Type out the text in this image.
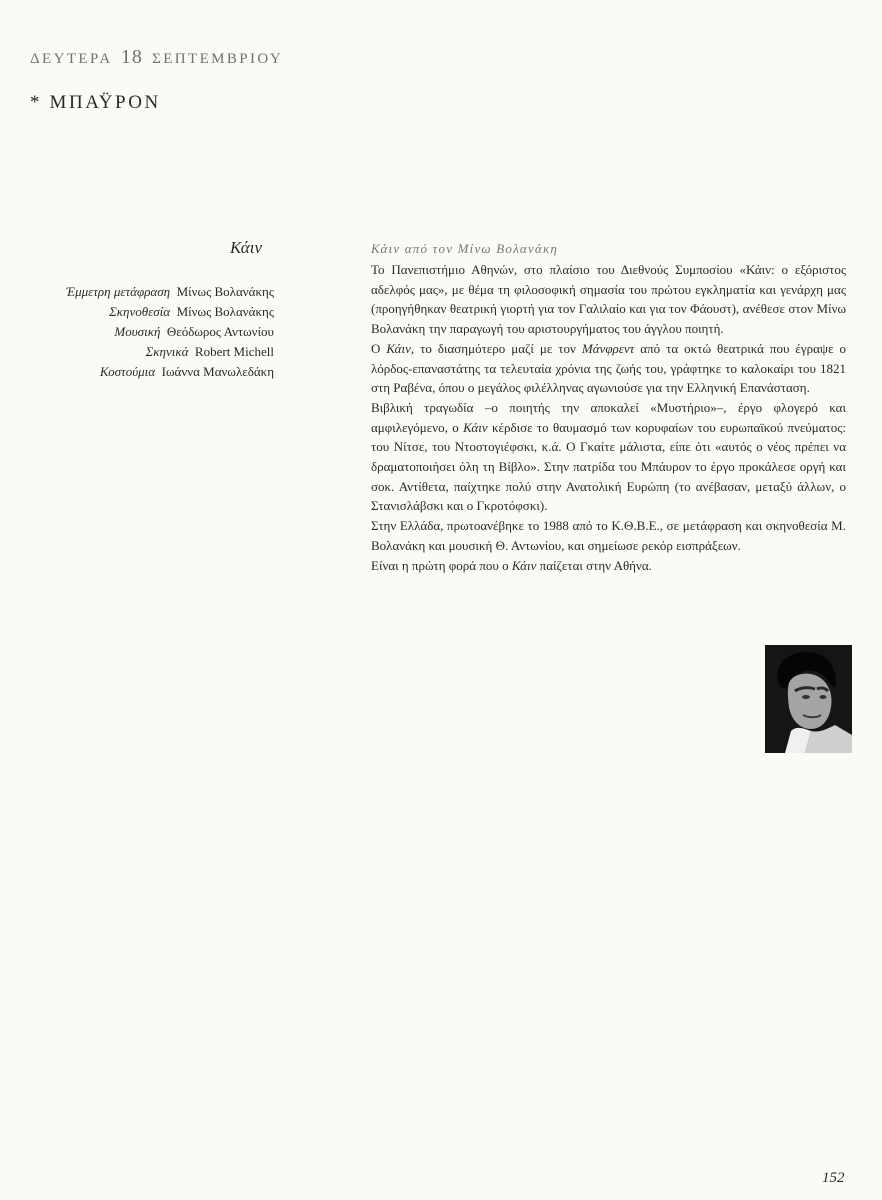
ΔΕΥΤΕΡΑ 18 ΣΕΠΤΕΜΒΡΙΟΥ
* ΜΠΑΫΡΟΝ
Κάιν
Έμμετρη μετάφραση Μίνως Βολανάκης
Σκηνοθεσία Μίνως Βολανάκης
Μουσική Θεόδωρος Αντωνίου
Σκηνικά Robert Michell
Κοστούμια Ιωάννα Μανωλεδάκη
Κάιν από τον Μίνω Βολανάκη

Το Πανεπιστήμιο Αθηνών, στο πλαίσιο του Διεθνούς Συμποσίου «Κάιν: ο εξόριστος αδελφός μας», με θέμα τη φιλοσοφική σημασία του πρώτου εγκληματία και γενάρχη μας (προηγήθηκαν θεατρική γιορτή για τον Γαλιλαίο και για τον Φάουστ), ανέθεσε στον Μίνω Βολανάκη την παραγωγή του αριστουργήματος του άγγλου ποιητή.

Ο Κάιν, το διασημότερο μαζί με τον Μάνφρεντ από τα οκτώ θεατρικά που έγραψε ο λόρδος-επαναστάτης τα τελευταία χρόνια της ζωής του, γράφτηκε το καλοκαίρι του 1821 στη Ραβένα, όπου ο μεγάλος φιλέλληνας αγωνιούσε για την Ελληνική Επανάσταση.

Βιβλική τραγωδία –ο ποιητής την αποκαλεί «Μυστήριο»–, έργο φλογερό και αμφιλεγόμενο, ο Κάιν κέρδισε το θαυμασμό των κορυφαίων του ευρωπαϊκού πνεύματος: του Νίτσε, του Ντοστογιέφσκι, κ.ά. Ο Γκαίτε μάλιστα, είπε ότι «αυτός ο νέος πρέπει να δραματοποιήσει όλη τη Βίβλο». Στην πατρίδα του Μπάυρον το έργο προκάλεσε οργή και σοκ. Αντίθετα, παίχτηκε πολύ στην Ανατολική Ευρώπη (το ανέβασαν, μεταξύ άλλων, ο Στανισλάβσκι και ο Γκροτόφσκι).

Στην Ελλάδα, πρωτοανέβηκε το 1988 από το Κ.Θ.Β.Ε., σε μετάφραση και σκηνοθεσία Μ. Βολανάκη και μουσική Θ. Αντωνίου, και σημείωσε ρεκόρ εισπράξεων.

Είναι η πρώτη φορά που ο Κάιν παίζεται στην Αθήνα.

152
